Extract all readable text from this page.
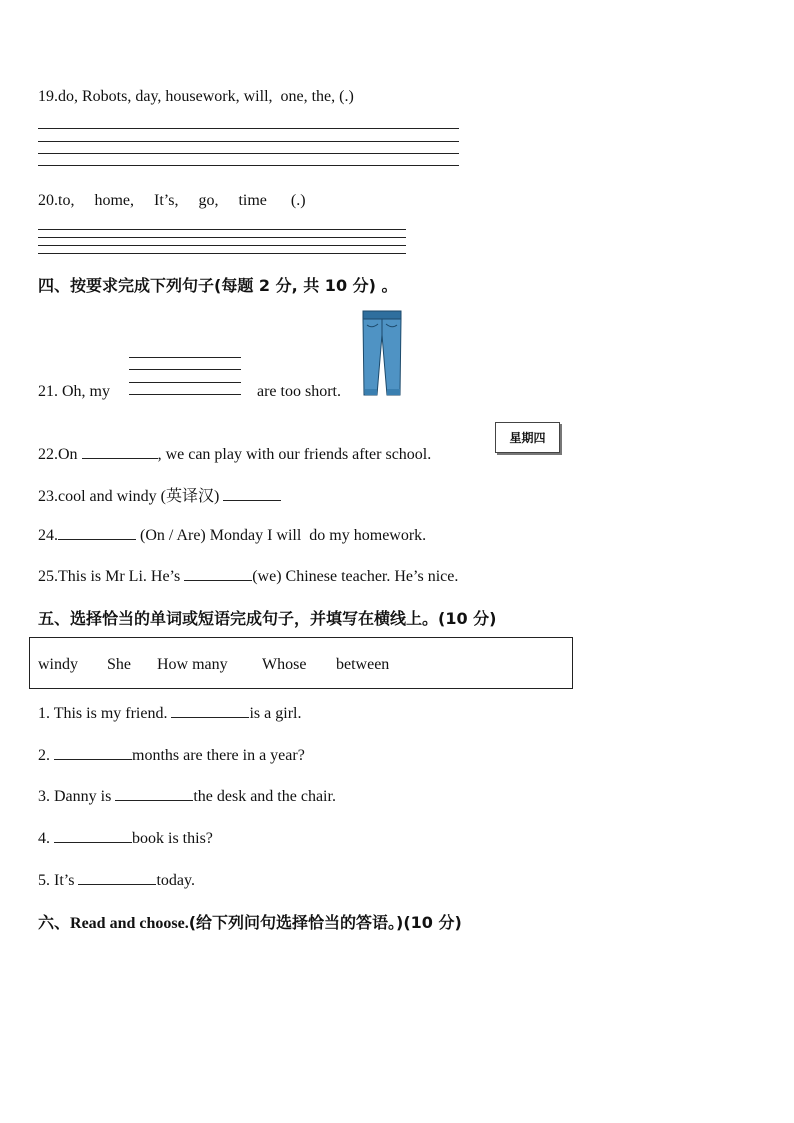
19.do, Robots, day, housework, will,  one, the, (.)
20.to,     home,     It’s,     go,     time      (.)
四、按要求完成下列句子(每题 2 分, 共 10 分) 。
21. Oh, my	are too short.
22.On	, we can play with our friends after school.
星期四
23.cool and windy (英译汉)
24.	(On / Are) Monday I will  do my homework.
25.This is Mr Li. He’s	(we) Chinese teacher. He’s nice.
五、选择恰当的单词或短语完成句子，并填写在横线上。(10 分)
windy She How many Whose between
1. This is my friend.	is a girl.
2.	months are there in a year?
3. Danny is	the desk and the chair.
4.	book is this?
5. It’s	today.
六、Read and choose.(给下列问句选择恰当的答语。)(10 分)
